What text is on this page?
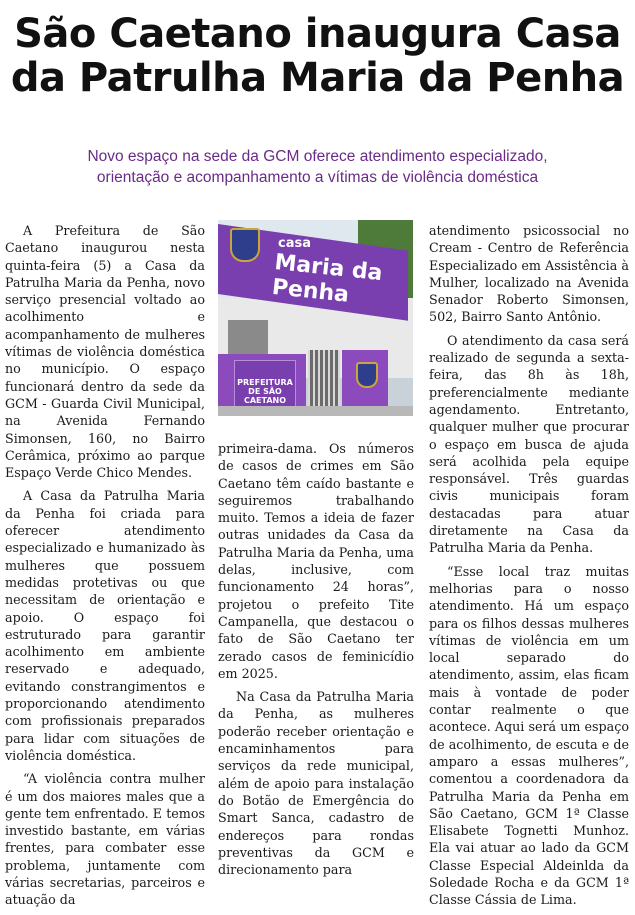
São Caetano inaugura Casa
da Patrulha Maria da Penha
Novo espaço na sede da GCM oferece atendimento especializado,
orientação e acompanhamento a vítimas de violência doméstica

A Prefeitura de São Caetano inaugurou nesta quinta-feira (5) a Casa da Patrulha Maria da Penha, novo serviço presencial voltado ao acolhimento e acompanhamento de mulheres vítimas de violência doméstica no município. O espaço funcionará dentro da sede da GCM - Guarda Civil Municipal, na Avenida Fernando Simonsen, 160, no Bairro Cerâmica, próximo ao parque Espaço Verde Chico Mendes.

A Casa da Patrulha Maria da Penha foi criada para oferecer atendimento especializado e humanizado às mulheres que possuem medidas protetivas ou que necessitam de orientação e apoio. O espaço foi estruturado para garantir acolhimento em ambiente reservado e adequado, evitando constrangimentos e proporcionando atendimento com profissionais preparados para lidar com situações de violência doméstica.

“A violência contra mulher é um dos maiores males que a gente tem enfrentado. E temos investido bastante, em várias frentes, para combater esse problema, juntamente com várias secretarias, parceiros e atuação da

casa
Maria da Penha
PREFEITURA DE SÃO CAETANO

primeira-dama. Os números de casos de crimes em São Caetano têm caído bastante e seguiremos trabalhando muito. Temos a ideia de fazer outras unidades da Casa da Patrulha Maria da Penha, uma delas, inclusive, com funcionamento 24 horas”, projetou o prefeito Tite Campanella, que destacou o fato de São Caetano ter zerado casos de feminicídio em 2025.

Na Casa da Patrulha Maria da Penha, as mulheres poderão receber orientação e encaminhamentos para serviços da rede municipal, além de apoio para instalação do Botão de Emergência do Smart Sanca, cadastro de endereços para rondas preventivas da GCM e direcionamento para

atendimento psicossocial no Cream - Centro de Referência Especializado em Assistência à Mulher, localizado na Avenida Senador Roberto Simonsen, 502, Bairro Santo Antônio.

O atendimento da casa será realizado de segunda a sexta-feira, das 8h às 18h, preferencialmente mediante agendamento. Entretanto, qualquer mulher que procurar o espaço em busca de ajuda será acolhida pela equipe responsável. Três guardas civis municipais foram destacadas para atuar diretamente na Casa da Patrulha Maria da Penha.

“Esse local traz muitas melhorias para o nosso atendimento. Há um espaço para os filhos dessas mulheres vítimas de violência em um local separado do atendimento, assim, elas ficam mais à vontade de poder contar realmente o que acontece. Aqui será um espaço de acolhimento, de escuta e de amparo a essas mulheres”, comentou a coordenadora da Patrulha Maria da Penha em São Caetano, GCM 1ª Classe Elisabete Tognetti Munhoz. Ela vai atuar ao lado da GCM Classe Especial Aldeinlda da Soledade Rocha e da GCM 1ª Classe Cássia de Lima.
